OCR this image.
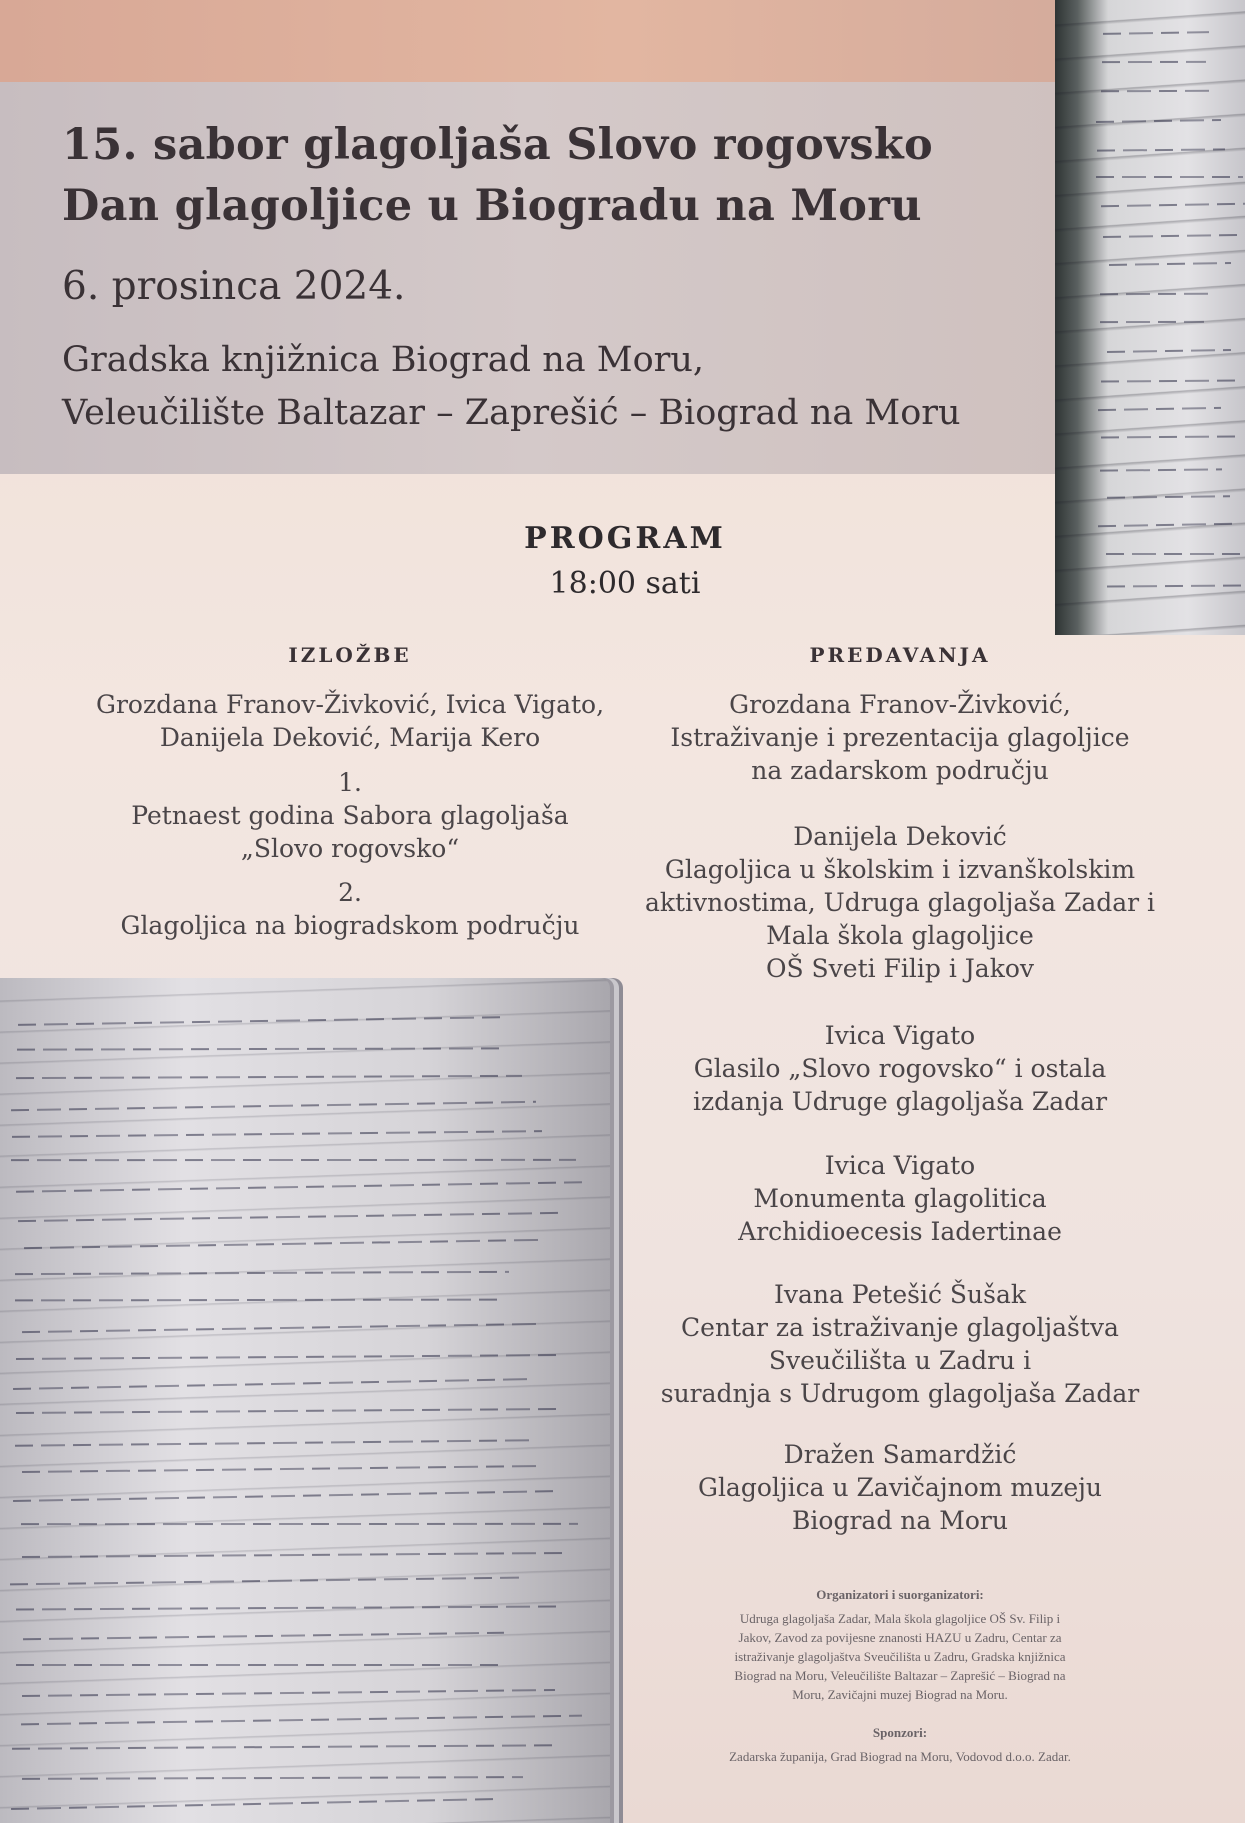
15. sabor glagoljaša Slovo rogovsko
Dan glagoljice u Biogradu na Moru

6. prosinca 2024.

Gradska knjižnica Biograd na Moru,

Veleučilište Baltazar – Zaprešić – Biograd na Moru

PROGRAM

18:00 sati

IZLOŽBE	PREDAVANJA

Grozdana Franov-Živković, Ivica Vigato,
Danijela Deković, Marija Kero
1.
Petnaest godina Sabora glagoljaša
„Slovo rogovsko“
2.
Glagoljica na biogradskom području
Grozdana Franov-Živković,
Istraživanje i prezentacija glagoljice
na zadarskom području
Danijela Deković
Glagoljica u školskim i izvanškolskim
aktivnostima, Udruga glagoljaša Zadar i
Mala škola glagoljice
OŠ Sveti Filip i Jakov
Ivica Vigato
Glasilo „Slovo rogovsko“ i ostala
izdanja Udruge glagoljaša Zadar
Ivica Vigato
Monumenta glagolitica
Archidioecesis Iadertinae
Ivana Petešić Šušak
Centar za istraživanje glagoljaštva
Sveučilišta u Zadru i
suradnja s Udrugom glagoljaša Zadar
Dražen Samardžić
Glagoljica u Zavičajnom muzeju
Biograd na Moru

Organizatori i suorganizatori:

Udruga glagoljaša Zadar, Mala škola glagoljice OŠ Sv. Filip i
Jakov, Zavod za povijesne znanosti HAZU u Zadru, Centar za
istraživanje glagoljaštva Sveučilišta u Zadru, Gradska knjižnica
Biograd na Moru, Veleučilište Baltazar – Zaprešić – Biograd na
Moru, Zavičajni muzej Biograd na Moru.

Sponzori:

Zadarska županija, Grad Biograd na Moru, Vodovod d.o.o. Zadar.
